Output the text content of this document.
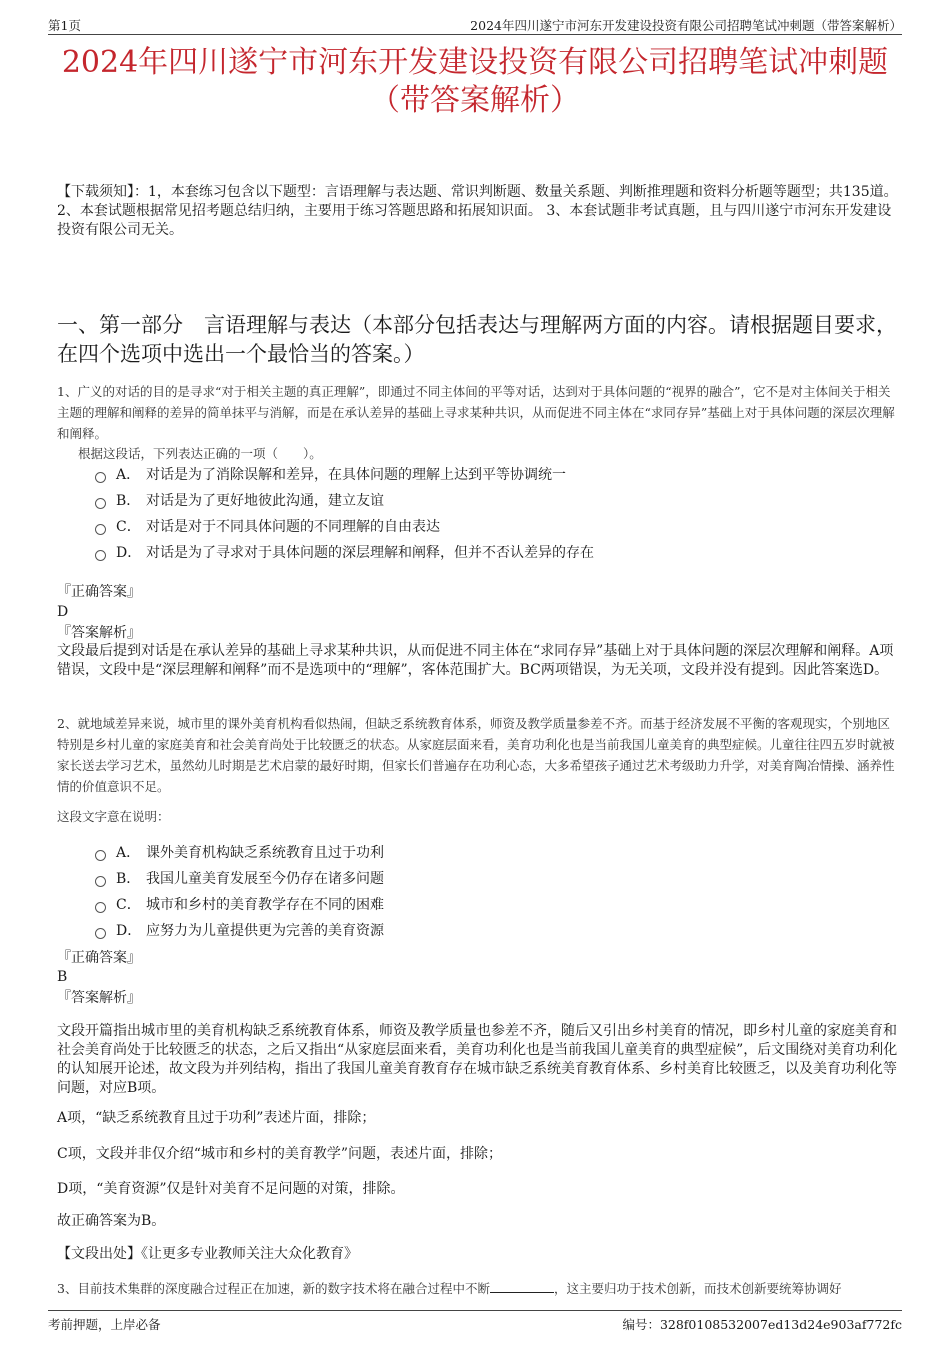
第1页	2024年四川遂宁市河东开发建设投资有限公司招聘笔试冲刺题（带答案解析）
2024年四川遂宁市河东开发建设投资有限公司招聘笔试冲刺题
（带答案解析）
【下载须知】：1，本套练习包含以下题型：言语理解与表达题、常识判断题、数量关系题、判断推理题和资料分析题等题型；共135道。 2、本套试题根据常见招考题总结归纳，主要用于练习答题思路和拓展知识面。 3、本套试题非考试真题，且与四川遂宁市河东开发建设投资有限公司无关。
一、第一部分　言语理解与表达（本部分包括表达与理解两方面的内容。请根据题目要求，在四个选项中选出一个最恰当的答案。）
1、广义的对话的目的是寻求“对于相关主题的真正理解”，即通过不同主体间的平等对话，达到对于具体问题的“视界的融合”，它不是对主体间关于相关主题的理解和阐释的差异的简单抹平与消解，而是在承认差异的基础上寻求某种共识，从而促进不同主体在“求同存异”基础上对于具体问题的深层次理解和阐释。
根据这段话，下列表达正确的一项（　　）。
A． 对话是为了消除误解和差异，在具体问题的理解上达到平等协调统一
B． 对话是为了更好地彼此沟通，建立友谊
C． 对话是对于不同具体问题的不同理解的自由表达
D． 对话是为了寻求对于具体问题的深层理解和阐释，但并不否认差异的存在
『正确答案』
D
『答案解析』
文段最后提到对话是在承认差异的基础上寻求某种共识，从而促进不同主体在“求同存异”基础上对于具体问题的深层次理解和阐释。A项错误，文段中是“深层理解和阐释”而不是选项中的“理解”，客体范围扩大。BC两项错误，为无关项，文段并没有提到。因此答案选D。
2、就地域差异来说，城市里的课外美育机构看似热闹，但缺乏系统教育体系，师资及教学质量参差不齐。而基于经济发展不平衡的客观现实，个别地区特别是乡村儿童的家庭美育和社会美育尚处于比较匮乏的状态。从家庭层面来看，美育功利化也是当前我国儿童美育的典型症候。儿童往往四五岁时就被家长送去学习艺术，虽然幼儿时期是艺术启蒙的最好时期，但家长们普遍存在功利心态，大多希望孩子通过艺术考级助力升学，对美育陶冶情操、涵养性情的价值意识不足。
这段文字意在说明：
A． 课外美育机构缺乏系统教育且过于功利
B． 我国儿童美育发展至今仍存在诸多问题
C． 城市和乡村的美育教学存在不同的困难
D． 应努力为儿童提供更为完善的美育资源
『正确答案』
B
『答案解析』
文段开篇指出城市里的美育机构缺乏系统教育体系，师资及教学质量也参差不齐，随后又引出乡村美育的情况，即乡村儿童的家庭美育和社会美育尚处于比较匮乏的状态，之后又指出“从家庭层面来看，美育功利化也是当前我国儿童美育的典型症候”，后文围绕对美育功利化的认知展开论述，故文段为并列结构，指出了我国儿童美育教育存在城市缺乏系统美育教育体系、乡村美育比较匮乏，以及美育功利化等问题，对应B项。
A项，“缺乏系统教育且过于功利”表述片面，排除；
C项，文段并非仅介绍“城市和乡村的美育教学”问题，表述片面，排除；
D项，“美育资源”仅是针对美育不足问题的对策，排除。
故正确答案为B。
【文段出处】《让更多专业教师关注大众化教育》
3、目前技术集群的深度融合过程正在加速，新的数字技术将在融合过程中不断	，这主要归功于技术创新，而技术创新要统筹协调好
考前押题，上岸必备	编号：328f0108532007ed13d24e903af772fc
